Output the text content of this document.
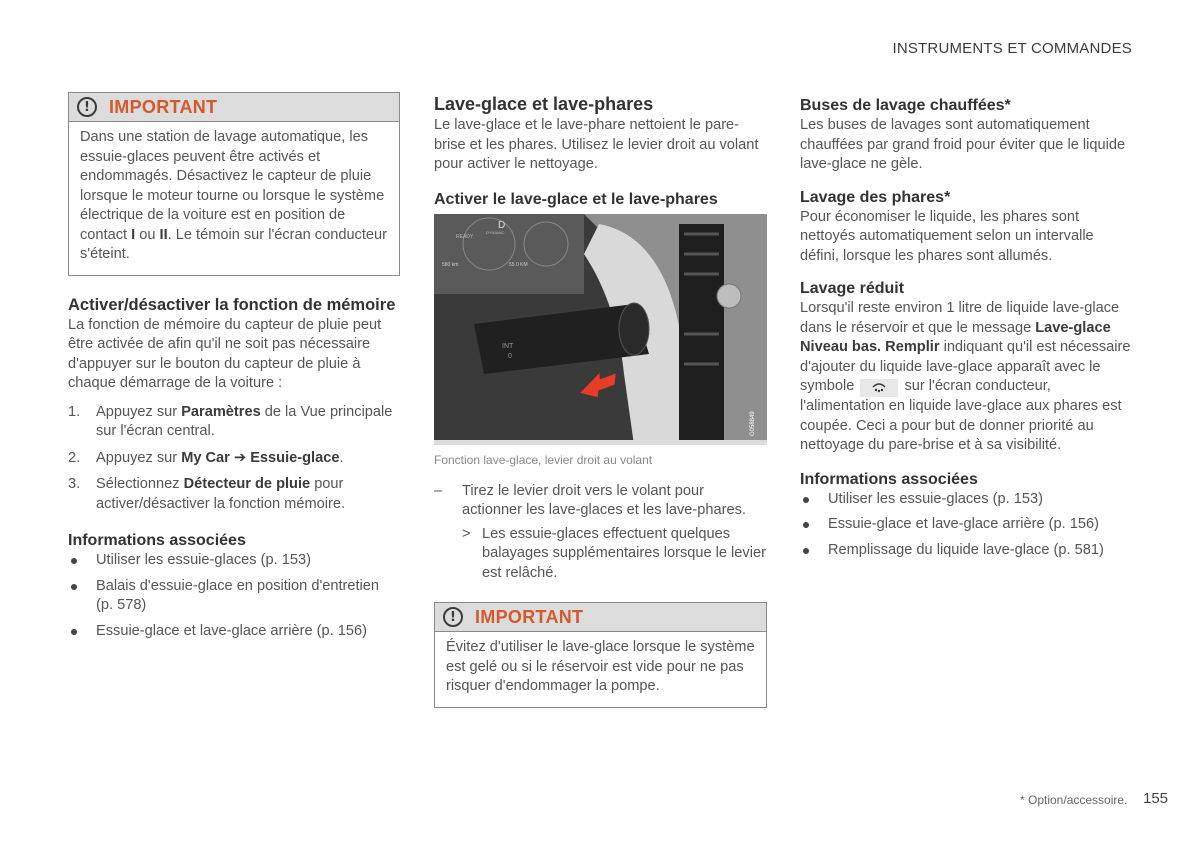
INSTRUMENTS ET COMMANDES
!	IMPORTANT
Dans une station de lavage automatique, les essuie-glaces peuvent être activés et endommagés. Désactivez le capteur de pluie lorsque le moteur tourne ou lorsque le système électrique de la voiture est en position de contact I ou II. Le témoin sur l'écran conducteur s'éteint.
Activer/désactiver la fonction de mémoire

La fonction de mémoire du capteur de pluie peut être activée de afin qu'il ne soit pas nécessaire d'appuyer sur le bouton du capteur de pluie à chaque démarrage de la voiture :

1. Appuyez sur Paramètres de la Vue principale sur l'écran central.
2. Appuyez sur My Car ➔ Essuie-glace.
3. Sélectionnez Détecteur de pluie pour activer/désactiver la fonction mémoire.
Informations associées
Utiliser les essuie-glaces (p. 153)
Balais d'essuie-glace en position d'entretien (p. 578)
Essuie-glace et lave-glace arrière (p. 156)
Lave-glace et lave-phares

Le lave-glace et le lave-phare nettoient le pare-brise et les phares. Utilisez le levier droit au volant pour activer le nettoyage.

Activer le lave-glace et le lave-phares
D
READY
DYNAMIC
580 km	55 0 KM
INT
0
G058849
Fonction lave-glace, levier droit au volant
– Tirez le levier droit vers le volant pour actionner les lave-glaces et les lave-phares.
> Les essuie-glaces effectuent quelques balayages supplémentaires lorsque le levier est relâché.
!	IMPORTANT
Évitez d'utiliser le lave-glace lorsque le système est gelé ou si le réservoir est vide pour ne pas risquer d'endommager la pompe.
Buses de lavage chauffées*

Les buses de lavages sont automatiquement chauffées par grand froid pour éviter que le liquide lave-glace ne gèle.

Lavage des phares*

Pour économiser le liquide, les phares sont nettoyés automatiquement selon un intervalle défini, lorsque les phares sont allumés.

Lavage réduit

Lorsqu'il reste environ 1 litre de liquide lave-glace dans le réservoir et que le message Lave-glace Niveau bas. Remplir indiquant qu'il est nécessaire d'ajouter du liquide lave-glace apparaît avec le symbole	sur l'écran conducteur, l'alimentation en liquide lave-glace aux phares est coupée. Ceci a pour but de donner priorité au nettoyage du pare-brise et à sa visibilité.

Informations associées
Utiliser les essuie-glaces (p. 153)
Essuie-glace et lave-glace arrière (p. 156)
Remplissage du liquide lave-glace (p. 581)
* Option/accessoire. 155
